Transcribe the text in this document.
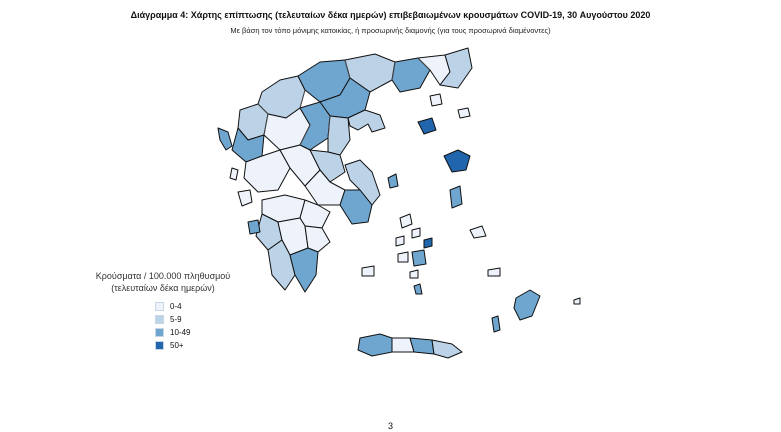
Διάγραμμα 4: Χάρτης επίπτωσης (τελευταίων δέκα ημερών) επιβεβαιωμένων κρουσμάτων COVID-19, 30 Αυγούστου 2020
Με βάση τον τόπο μόνιμης κατοικίας, ή προσωρινής διαμονής (για τους προσωρινά διαμένοντες)
Κρούσματα / 100.000 πληθυσμού
(τελευταίων δέκα ημερών)
0-4
5-9
10-49
50+
3
